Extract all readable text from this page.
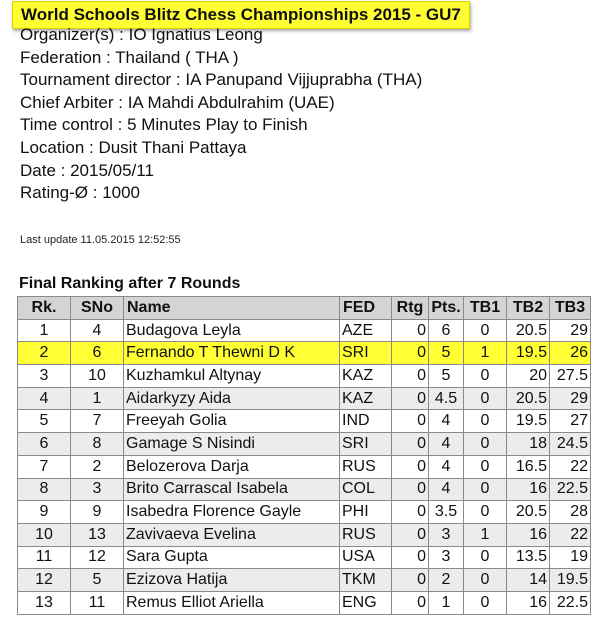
World Schools Blitz Chess Championships 2015 - GU7
Organizer(s) : IO Ignatius Leong
Federation : Thailand ( THA )
Tournament director : IA Panupand Vijjuprabha (THA)
Chief Arbiter : IA Mahdi Abdulrahim (UAE)
Time control : 5 Minutes Play to Finish
Location : Dusit Thani Pattaya
Date : 2015/05/11
Rating-Ø : 1000
Last update 11.05.2015 12:52:55
Final Ranking after 7 Rounds
Rk.	SNo	Name	FED	Rtg	Pts.	TB1	TB2	TB3
1	4	Budagova Leyla	AZE	0	6	0	20.5	29
2	6	Fernando T Thewni D K	SRI	0	5	1	19.5	26
3	10	Kuzhamkul Altynay	KAZ	0	5	0	20	27.5
4	1	Aidarkyzy Aida	KAZ	0	4.5	0	20.5	29
5	7	Freeyah Golia	IND	0	4	0	19.5	27
6	8	Gamage S Nisindi	SRI	0	4	0	18	24.5
7	2	Belozerova Darja	RUS	0	4	0	16.5	22
8	3	Brito Carrascal Isabela	COL	0	4	0	16	22.5
9	9	Isabedra Florence Gayle	PHI	0	3.5	0	20.5	28
10	13	Zavivaeva Evelina	RUS	0	3	1	16	22
11	12	Sara Gupta	USA	0	3	0	13.5	19
12	5	Ezizova Hatija	TKM	0	2	0	14	19.5
13	11	Remus Elliot Ariella	ENG	0	1	0	16	22.5
